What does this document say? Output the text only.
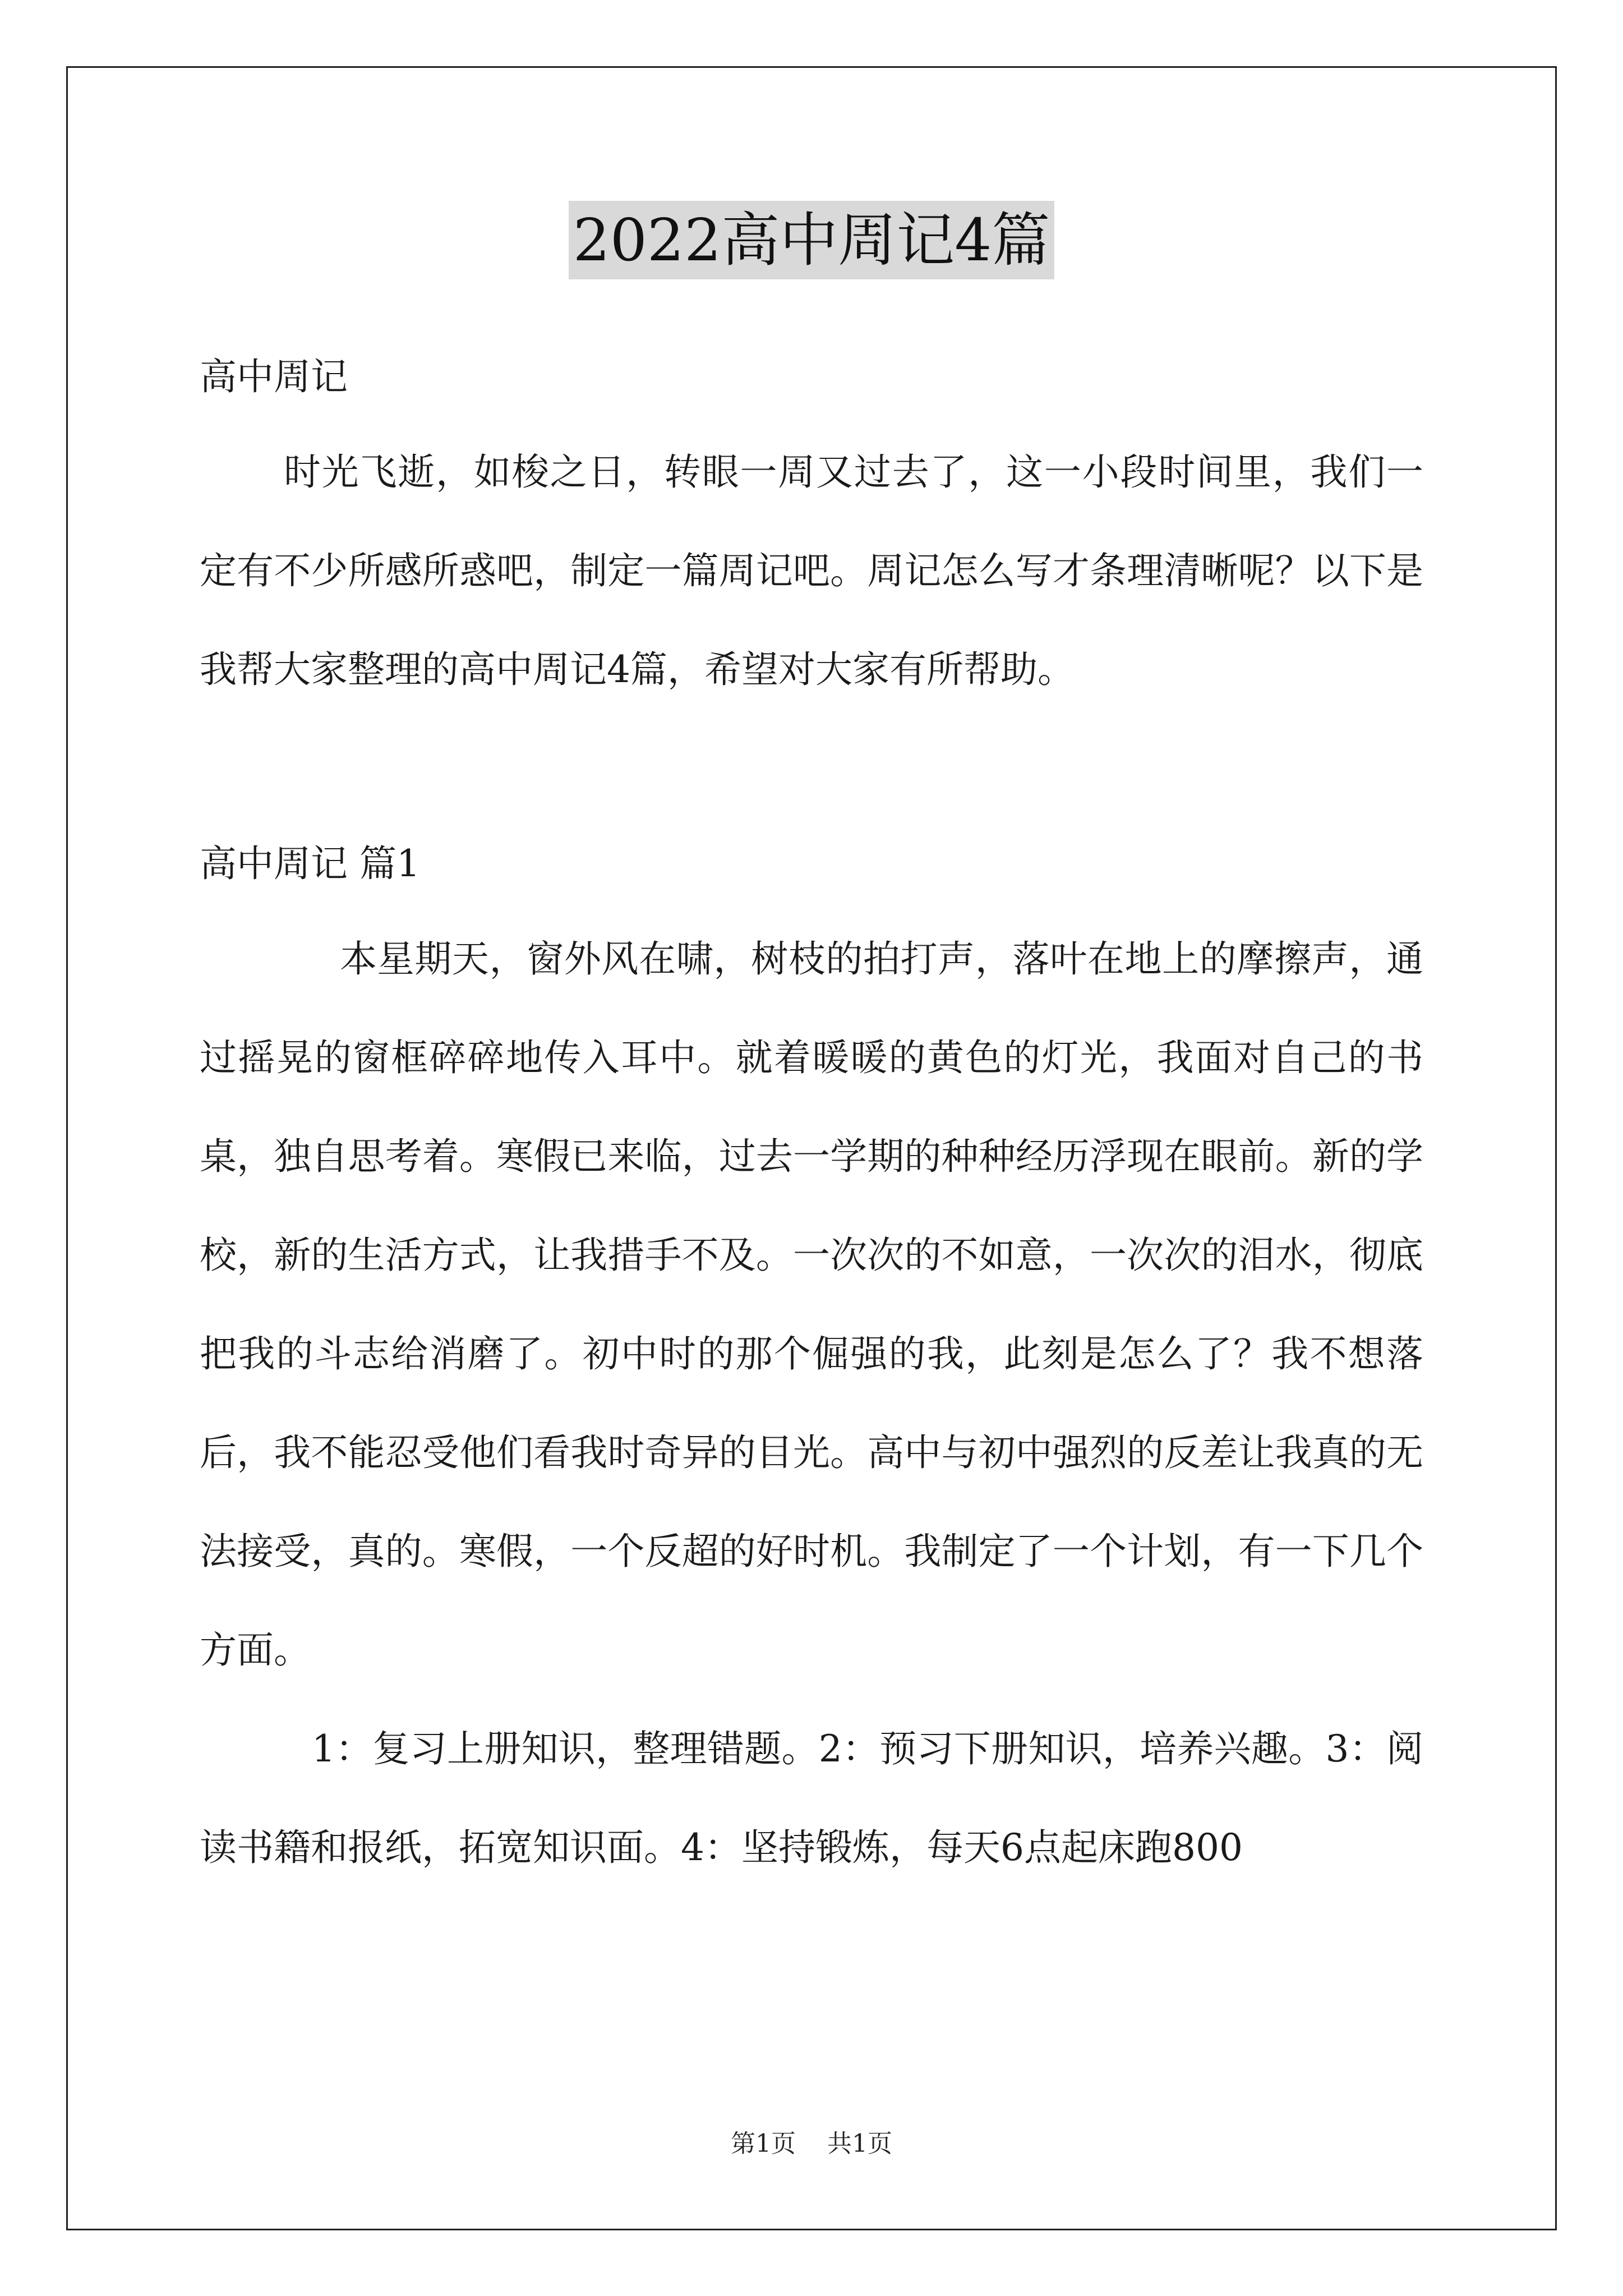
2022高中周记4篇

高中周记

时光飞逝，如梭之日，转眼一周又过去了，这一小段时间里，我们一定有不少所感所惑吧，制定一篇周记吧。周记怎么写才条理清晰呢？以下是我帮大家整理的高中周记4篇，希望对大家有所帮助。

高中周记 篇1

本星期天，窗外风在啸，树枝的拍打声，落叶在地上的摩擦声，通过摇晃的窗框碎碎地传入耳中。就着暖暖的黄色的灯光，我面对自己的书桌，独自思考着。寒假已来临，过去一学期的种种经历浮现在眼前。新的学校，新的生活方式，让我措手不及。一次次的不如意，一次次的泪水，彻底把我的斗志给消磨了。初中时的那个倔强的我，此刻是怎么了？我不想落后，我不能忍受他们看我时奇异的目光。高中与初中强烈的反差让我真的无法接受，真的。寒假，一个反超的好时机。我制定了一个计划，有一下几个方面。

1：复习上册知识，整理错题。2：预习下册知识，培养兴趣。3：阅读书籍和报纸，拓宽知识面。4：坚持锻炼，每天6点起床跑800

第1页 共1页
